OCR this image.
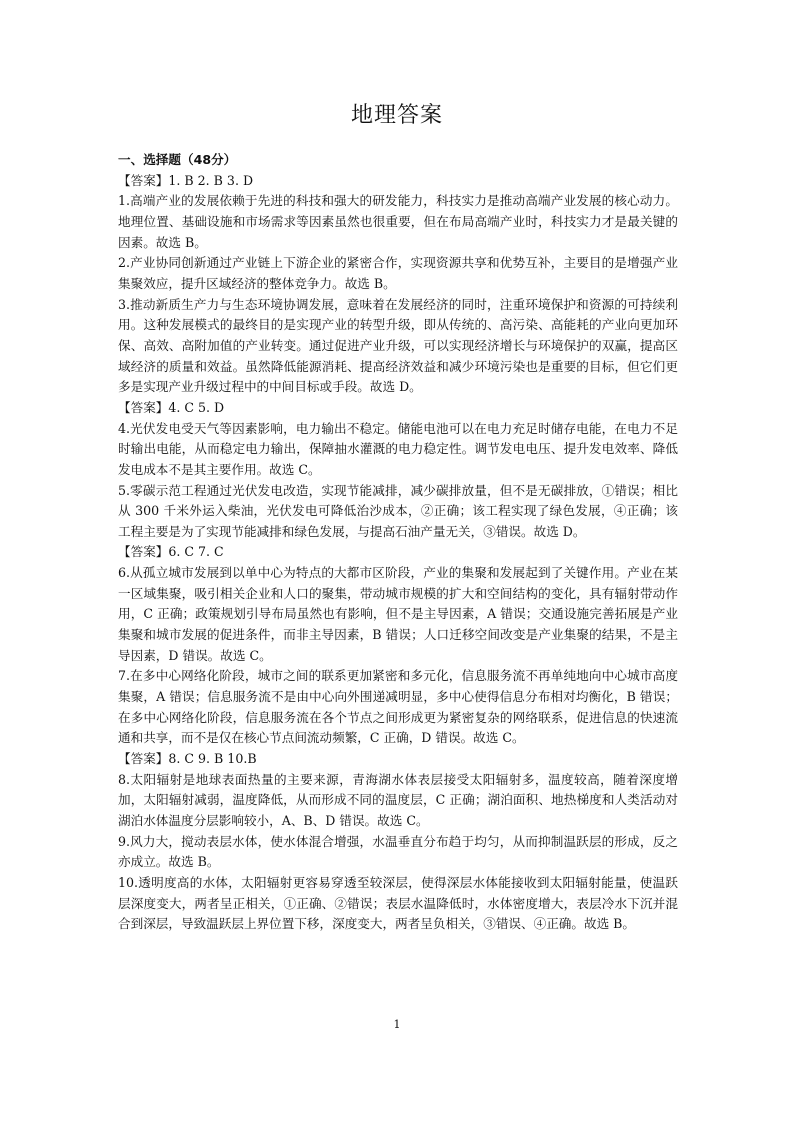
地理答案
一、选择题（48分）
【答案】1. B 2. B 3. D
1.高端产业的发展依赖于先进的科技和强大的研发能力，科技实力是推动高端产业发展的核心动力。地理位置、基础设施和市场需求等因素虽然也很重要，但在布局高端产业时，科技实力才是最关键的因素。故选 B。
2.产业协同创新通过产业链上下游企业的紧密合作，实现资源共享和优势互补，主要目的是增强产业集聚效应，提升区域经济的整体竞争力。故选 B。
3.推动新质生产力与生态环境协调发展，意味着在发展经济的同时，注重环境保护和资源的可持续利用。这种发展模式的最终目的是实现产业的转型升级，即从传统的、高污染、高能耗的产业向更加环保、高效、高附加值的产业转变。通过促进产业升级，可以实现经济增长与环境保护的双赢，提高区域经济的质量和效益。虽然降低能源消耗、提高经济效益和减少环境污染也是重要的目标，但它们更多是实现产业升级过程中的中间目标或手段。故选 D。
【答案】4. C 5. D
4.光伏发电受天气等因素影响，电力输出不稳定。储能电池可以在电力充足时储存电能，在电力不足时输出电能，从而稳定电力输出，保障抽水灌溉的电力稳定性。调节发电电压、提升发电效率、降低发电成本不是其主要作用。故选 C。
5.零碳示范工程通过光伏发电改造，实现节能减排，减少碳排放量，但不是无碳排放，①错误；相比从 300 千米外运入柴油，光伏发电可降低治沙成本，②正确；该工程实现了绿色发展，④正确；该工程主要是为了实现节能减排和绿色发展，与提高石油产量无关，③错误。故选 D。
【答案】6. C 7. C
6.从孤立城市发展到以单中心为特点的大都市区阶段，产业的集聚和发展起到了关键作用。产业在某一区域集聚，吸引相关企业和人口的聚集，带动城市规模的扩大和空间结构的变化，具有辐射带动作用，C 正确；政策规划引导布局虽然也有影响，但不是主导因素，A 错误；交通设施完善拓展是产业集聚和城市发展的促进条件，而非主导因素，B 错误；人口迁移空间改变是产业集聚的结果，不是主导因素，D 错误。故选 C。
7.在多中心网络化阶段，城市之间的联系更加紧密和多元化，信息服务流不再单纯地向中心城市高度集聚，A 错误；信息服务流不是由中心向外围递减明显，多中心使得信息分布相对均衡化，B 错误；在多中心网络化阶段，信息服务流在各个节点之间形成更为紧密复杂的网络联系，促进信息的快速流通和共享，而不是仅在核心节点间流动频繁，C 正确，D 错误。故选 C。
【答案】8. C 9. B 10.B
8.太阳辐射是地球表面热量的主要来源，青海湖水体表层接受太阳辐射多，温度较高，随着深度增加，太阳辐射减弱，温度降低，从而形成不同的温度层，C 正确；湖泊面积、地热梯度和人类活动对湖泊水体温度分层影响较小，A、B、D 错误。故选 C。
9.风力大，搅动表层水体，使水体混合增强，水温垂直分布趋于均匀，从而抑制温跃层的形成，反之亦成立。故选 B。
10.透明度高的水体，太阳辐射更容易穿透至较深层，使得深层水体能接收到太阳辐射能量，使温跃层深度变大，两者呈正相关，①正确、②错误；表层水温降低时，水体密度增大，表层冷水下沉并混合到深层，导致温跃层上界位置下移，深度变大，两者呈负相关，③错误、④正确。故选 B。
1
